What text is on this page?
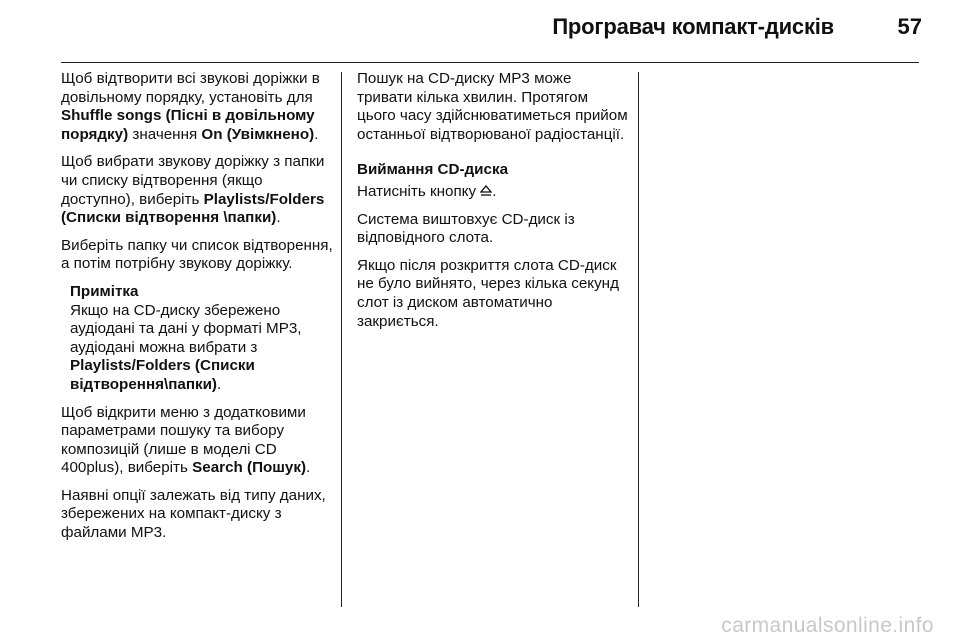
Програвач компакт-дисків	57

Щоб відтворити всі звукові доріжки в довільному порядку, установіть для Shuffle songs (Пісні в довільному порядку) значення On (Увімкнено).

Щоб вибрати звукову доріжку з папки чи списку відтворення (якщо доступно), виберіть Playlists/Folders (Списки відтворення \папки).

Виберіть папку чи список відтворення, а потім потрібну звукову доріжку.

Примітка
Якщо на CD-диску збережено аудіодані та дані у форматі MP3, аудіодані можна вибрати з Playlists/Folders (Списки відтворення\папки).

Щоб відкрити меню з додатковими параметрами пошуку та вибору композицій (лише в моделі CD 400plus), виберіть Search (Пошук).

Наявні опції залежать від типу даних, збережених на компакт-диску з файлами MP3.

Пошук на CD-диску MP3 може тривати кілька хвилин. Протягом цього часу здійснюватиметься прийом останньої відтворюваної радіостанції.

Виймання CD-диска

Натисніть кнопку .

Система виштовхує CD-диск із відповідного слота.

Якщо після розкриття слота CD-диск не було вийнято, через кілька секунд слот із диском автоматично закриється.

carmanualsonline.info
